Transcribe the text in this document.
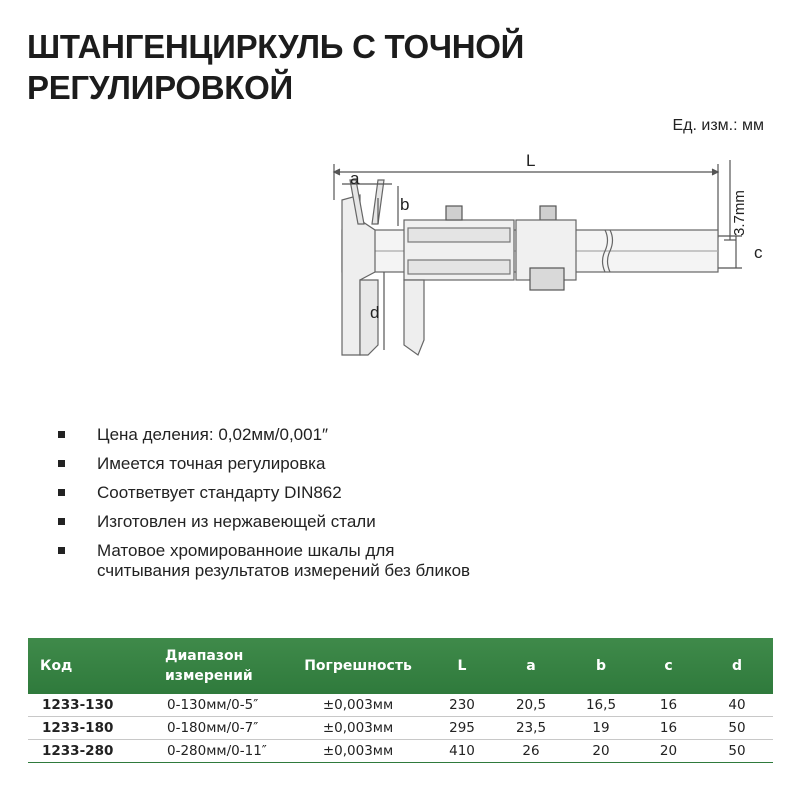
ШТАНГЕНЦИРКУЛЬ С ТОЧНОЙ
РЕГУЛИРОВКОЙ
Ед. изм.: мм
L
a
b
c
d
3.7mm
Цена деления: 0,02мм/0,001″
Имеется точная регулировка
Соответвует стандарту DIN862
Изготовлен из нержавеющей стали
Матовое хромированноие шкалы для
считывания результатов измерений без бликов
Код	Диапазон
измерений	Погрешность	L	a	b	c	d
1233-130	0-130мм/0-5″	±0,003мм	230	20,5	16,5	16	40
1233-180	0-180мм/0-7″	±0,003мм	295	23,5	19	16	50
1233-280	0-280мм/0-11″	±0,003мм	410	26	20	20	50
